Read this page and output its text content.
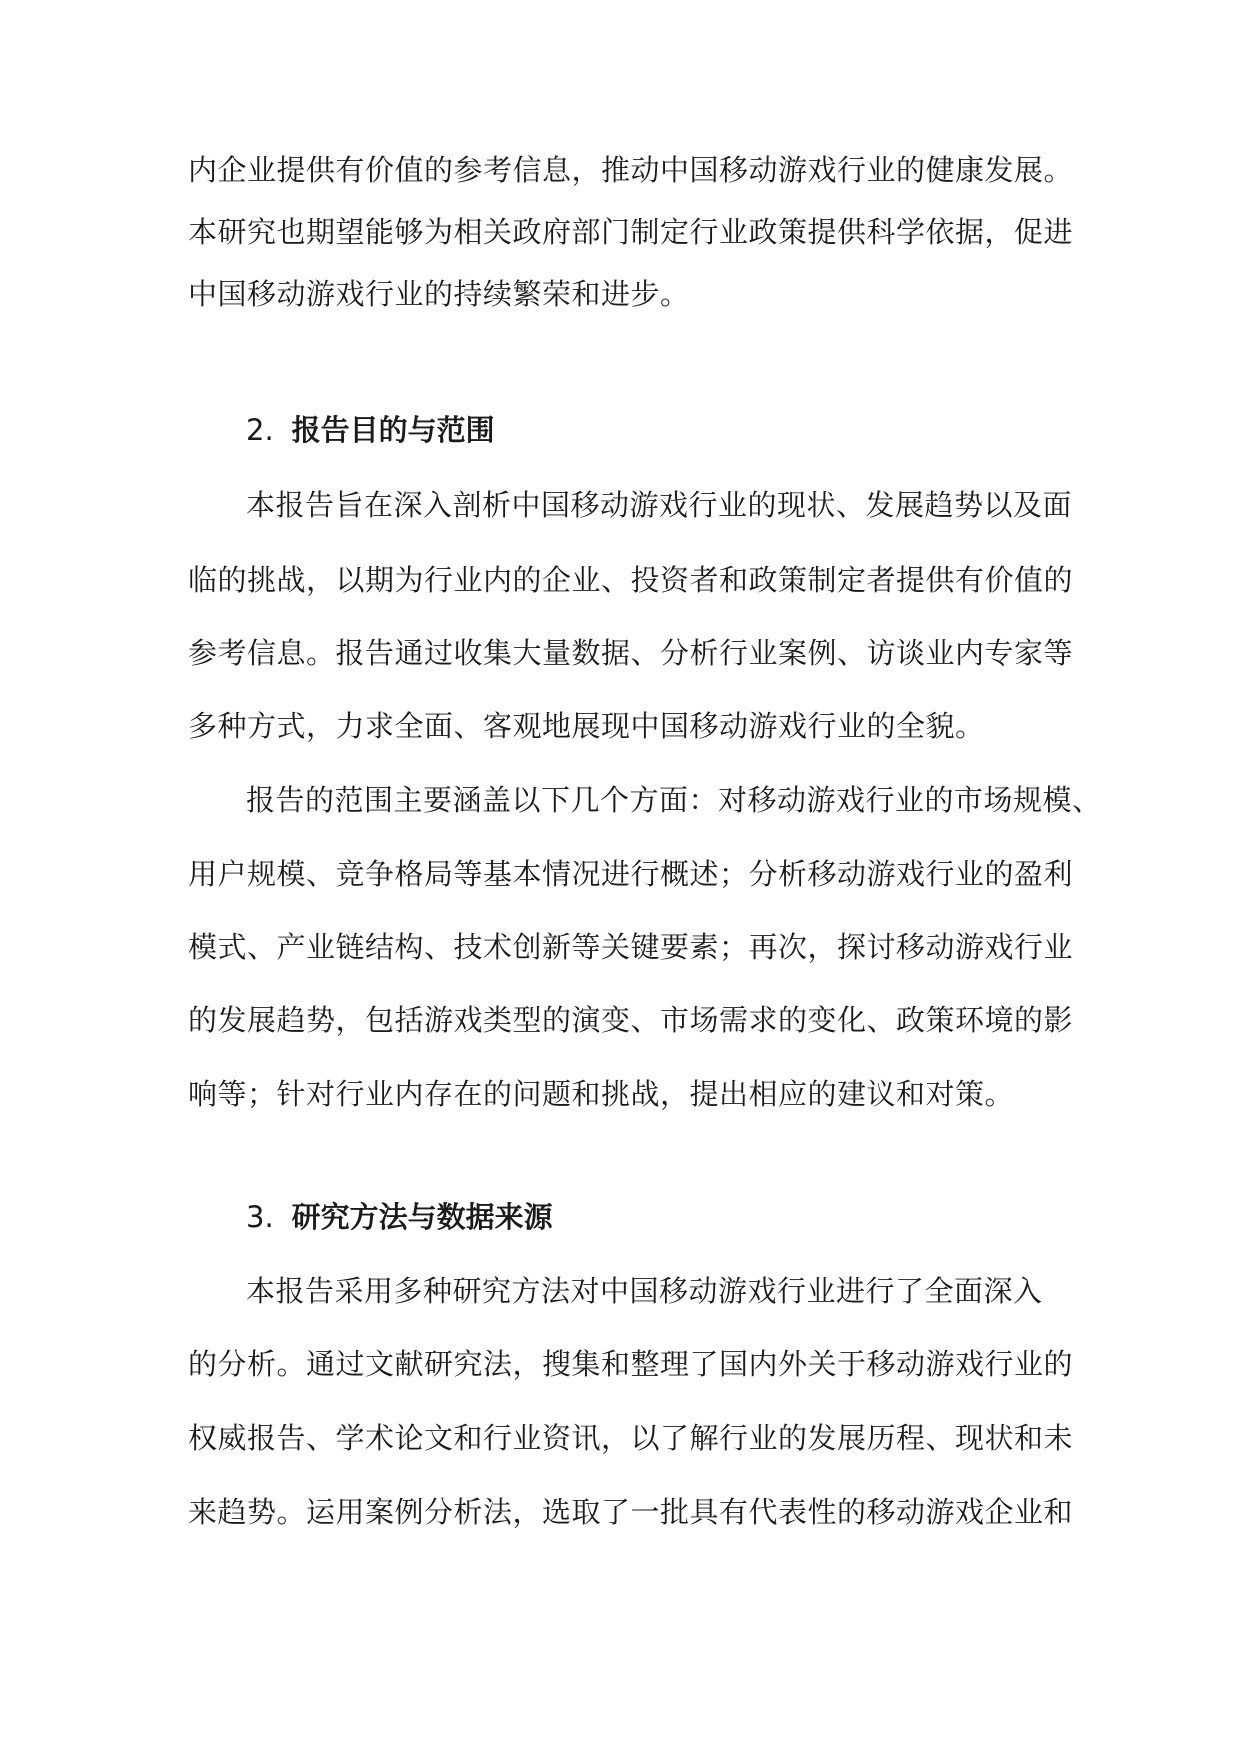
内企业提供有价值的参考信息，推动中国移动游戏行业的健康发展。
本研究也期望能够为相关政府部门制定行业政策提供科学依据，促进
中国移动游戏行业的持续繁荣和进步。
2. 报告目的与范围
本报告旨在深入剖析中国移动游戏行业的现状、发展趋势以及面
临的挑战，以期为行业内的企业、投资者和政策制定者提供有价值的
参考信息。报告通过收集大量数据、分析行业案例、访谈业内专家等
多种方式，力求全面、客观地展现中国移动游戏行业的全貌。
报告的范围主要涵盖以下几个方面：对移动游戏行业的市场规模、
用户规模、竞争格局等基本情况进行概述；分析移动游戏行业的盈利
模式、产业链结构、技术创新等关键要素；再次，探讨移动游戏行业
的发展趋势，包括游戏类型的演变、市场需求的变化、政策环境的影
响等；针对行业内存在的问题和挑战，提出相应的建议和对策。
3. 研究方法与数据来源
本报告采用多种研究方法对中国移动游戏行业进行了全面深入
的分析。通过文献研究法，搜集和整理了国内外关于移动游戏行业的
权威报告、学术论文和行业资讯，以了解行业的发展历程、现状和未
来趋势。运用案例分析法，选取了一批具有代表性的移动游戏企业和
